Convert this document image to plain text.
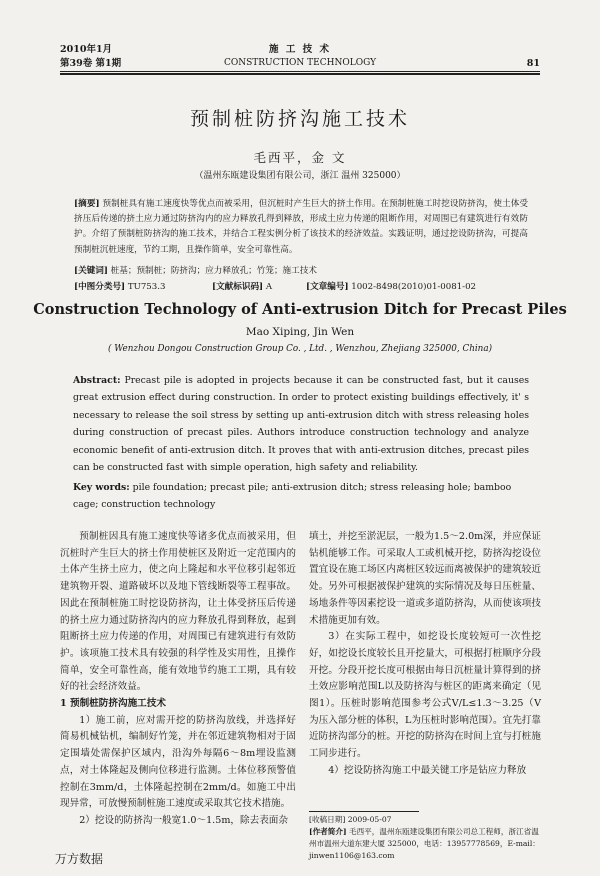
2010年1月
第39卷 第1期
施 工 技 术
CONSTRUCTION TECHNOLOGY	81
预制桩防挤沟施工技术
毛西平，金 文
（温州东瓯建设集团有限公司，浙江 温州 325000）
[摘要] 预制桩具有施工速度快等优点而被采用，但沉桩时产生巨大的挤土作用。在预制桩施工时挖设防挤沟，使土体受挤压后传递的挤土应力通过防挤沟内的应力释放孔得到释放，形成土应力传递的阻断作用，对周围已有建筑进行有效防护。介绍了预制桩防挤沟的施工技术，并结合工程实例分析了该技术的经济效益。实践证明，通过挖设防挤沟，可提高预制桩沉桩速度，节约工期，且操作简单，安全可靠性高。
[关键词] 桩基；预制桩；防挤沟；应力释放孔；竹笼；施工技术
[中图分类号] TU753.3	[文献标识码] A	[文章编号] 1002-8498(2010)01-0081-02
Construction Technology of Anti-extrusion Ditch for Precast Piles
Mao Xiping, Jin Wen
( Wenzhou Dongou Construction Group Co. , Ltd. , Wenzhou, Zhejiang 325000, China)
Abstract: Precast pile is adopted in projects because it can be constructed fast, but it causes great extrusion effect during construction. In order to protect existing buildings effectively, it' s necessary to release the soil stress by setting up anti-extrusion ditch with stress releasing holes during construction of precast piles. Authors introduce construction technology and analyze economic benefit of anti-extrusion ditch. It proves that with anti-extrusion ditches, precast piles can be constructed fast with simple operation, high safety and reliability.
Key words: pile foundation; precast pile; anti-extrusion ditch; stress releasing hole; bamboo cage; construction technology

预制桩因具有施工速度快等诸多优点而被采用，但沉桩时产生巨大的挤土作用使桩区及附近一定范围内的土体产生挤土应力，使之向上隆起和水平位移引起邻近建筑物开裂、道路破坏以及地下管线断裂等工程事故。因此在预制桩施工时挖设防挤沟，让土体受挤压后传递的挤土应力通过防挤沟内的应力释放孔得到释放，起到阻断挤土应力传递的作用，对周围已有建筑进行有效防护。该项施工技术具有较强的科学性及实用性，且操作简单，安全可靠性高，能有效地节约施工工期，具有较好的社会经济效益。

1 预制桩防挤沟施工技术

1）施工前，应对需开挖的防挤沟放线，并选择好简易机械钻机，编制好竹笼，并在邻近建筑物相对于固定围墙处需保护区域内，沿沟外每隔6～8m埋设监测点，对土体隆起及侧向位移进行监测。土体位移预警值控制在3mm/d，土体隆起控制在2mm/d。如施工中出现异常，可放慢预制桩施工速度或采取其它技术措施。

2）挖设的防挤沟一般宽1.0～1.5m，除去表面杂

填土，并挖至淤泥层，一般为1.5～2.0m深，并应保证钻机能够工作。可采取人工或机械开挖，防挤沟挖设位置宜设在施工场区内离桩区较远而离被保护的建筑较近处。另外可根据被保护建筑的实际情况及每日压桩量、场地条件等因素挖设一道或多道防挤沟，从而使该项技术措施更加有效。

3）在实际工程中，如挖设长度较短可一次性挖好，如挖设长度较长且开挖量大，可根据打桩顺序分段开挖。分段开挖长度可根据由每日沉桩量计算得到的挤土效应影响范围L以及防挤沟与桩区的距离来确定（见图1）。压桩时影响范围参考公式V/L≤1.3～3.25（V为压入部分桩的体积，L为压桩时影响范围）。宜先打靠近防挤沟部分的桩。开挖的防挤沟在时间上宜与打桩施工同步进行。

4）挖设防挤沟施工中最关键工序是钻应力释放

[收稿日期] 2009-05-07
[作者简介] 毛西平，温州东瓯建设集团有限公司总工程师，浙江省温州市温州大道东建大厦 325000，电话：13957778569，E-mail：jinwen1106@163.com
万方数据
